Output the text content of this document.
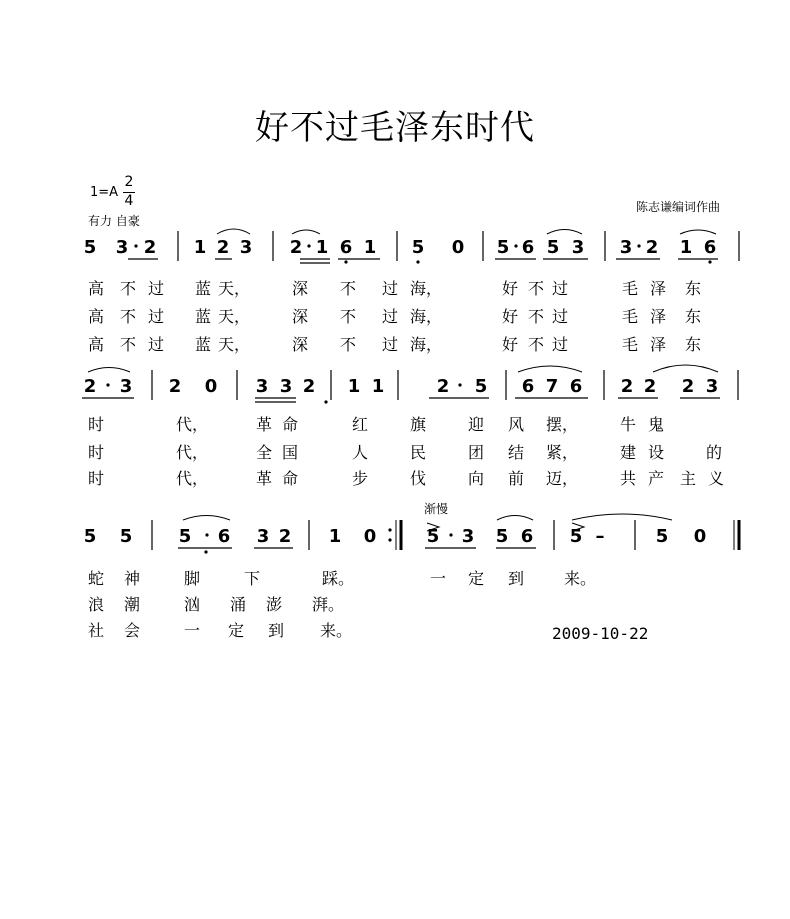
好不过毛泽东时代
1=A
2
4
有力 自豪
陈志谦编词作曲
渐慢
2009-10-22
5 3 2 1 2 3 2 1 6 1 5 0 5 6 5 3 3 2 1 6
2 3 2 0 3 3 2 1 1	2 5 6 7 6 2 2 2 3
5 5	5 6 3 2 1 0	5 3 5 6 5 –	5 0
高 不 过 蓝 天，	深 不 过 海，	好 不 过	毛 泽 东
高 不 过 蓝 天，	深 不 过 海，	好 不 过	毛 泽 东
高 不 过 蓝 天，	深 不 过 海，	好 不 过	毛 泽 东
时	代，	革 命	红	旗	迎 风 摆，	牛 鬼
时	代，	全 国	人	民	团 结 紧，	建 设	的
时	代，	革 命	步	伐	向 前 迈，	共 产 主 义
蛇 神	脚	下	踩。	一 定 到 来。
浪 潮	汹 涌 澎 湃。
社 会	一 定 到 来。
